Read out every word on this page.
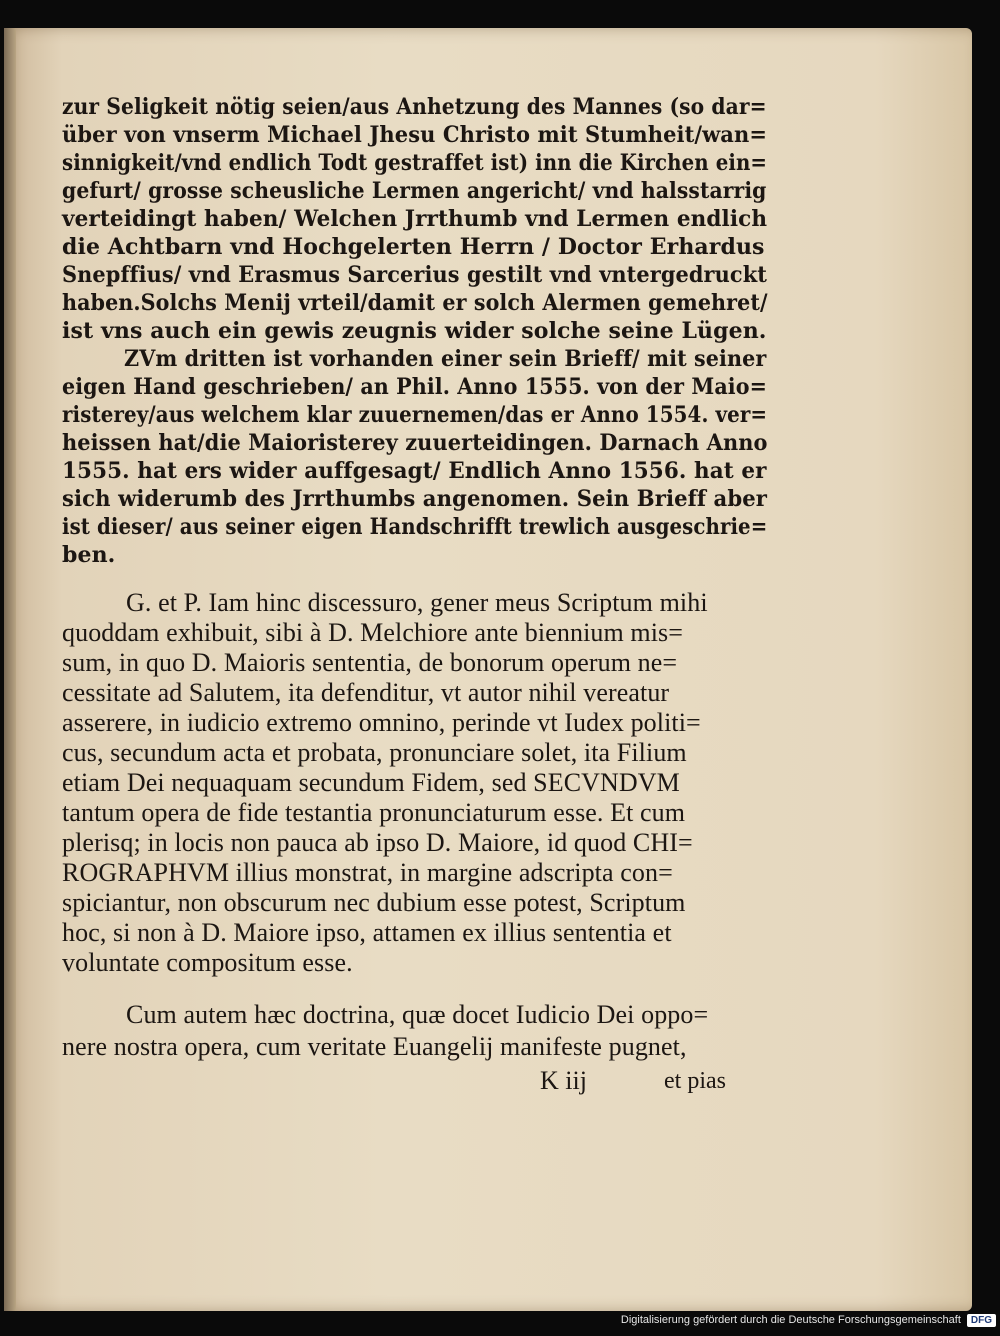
zur Seligkeit nötig seien/aus Anhetzung des Mannes (so dar=
über von vnserm Michael Jhesu Christo mit Stumheit/wan=
sinnigkeit/vnd endlich Todt gestraffet ist) inn die Kirchen ein=
gefurt/ grosse scheusliche Lermen angericht/ vnd halsstarrig
verteidingt haben/ Welchen Jrrthumb vnd Lermen endlich
die Achtbarn vnd Hochgelerten Herrn / Doctor Erhardus
Snepffius/ vnd Erasmus Sarcerius gestilt vnd vntergedruckt
haben.Solchs Menij vrteil/damit er solch Alermen gemehret/
ist vns auch ein gewis zeugnis wider solche seine Lügen.
ZVm dritten ist vorhanden einer sein Brieff/ mit seiner
eigen Hand geschrieben/ an Phil. Anno 1555. von der Maio=
risterey/aus welchem klar zuuernemen/das er Anno 1554. ver=
heissen hat/die Maioristerey zuuerteidingen. Darnach Anno
1555. hat ers wider auffgesagt/ Endlich Anno 1556. hat er
sich widerumb des Jrrthumbs angenomen. Sein Brieff aber
ist dieser/ aus seiner eigen Handschrifft trewlich ausgeschrie=
ben.
G. et P. Iam hinc discessuro, gener meus Scriptum mihi
quoddam exhibuit, sibi à D. Melchiore ante biennium mis=
sum, in quo D. Maioris sententia, de bonorum operum ne=
cessitate ad Salutem, ita defenditur, vt autor nihil vereatur
asserere, in iudicio extremo omnino, perinde vt Iudex politi=
cus, secundum acta et probata, pronunciare solet, ita Filium
etiam Dei nequaquam secundum Fidem, sed SECVNDVM
tantum opera de fide testantia pronunciaturum esse. Et cum
plerisq; in locis non pauca ab ipso D. Maiore, id quod CHI=
ROGRAPHVM illius monstrat, in margine adscripta con=
spiciantur, non obscurum nec dubium esse potest, Scriptum
hoc, si non à D. Maiore ipso, attamen ex illius sententia et
voluntate compositum esse.
Cum autem hæc doctrina, quæ docet Iudicio Dei oppo=
nere nostra opera, cum veritate Euangelij manifeste pugnet,
K iij	et pias
Digitalisierung gefördert durch die Deutsche Forschungsgemeinschaft	DFG
